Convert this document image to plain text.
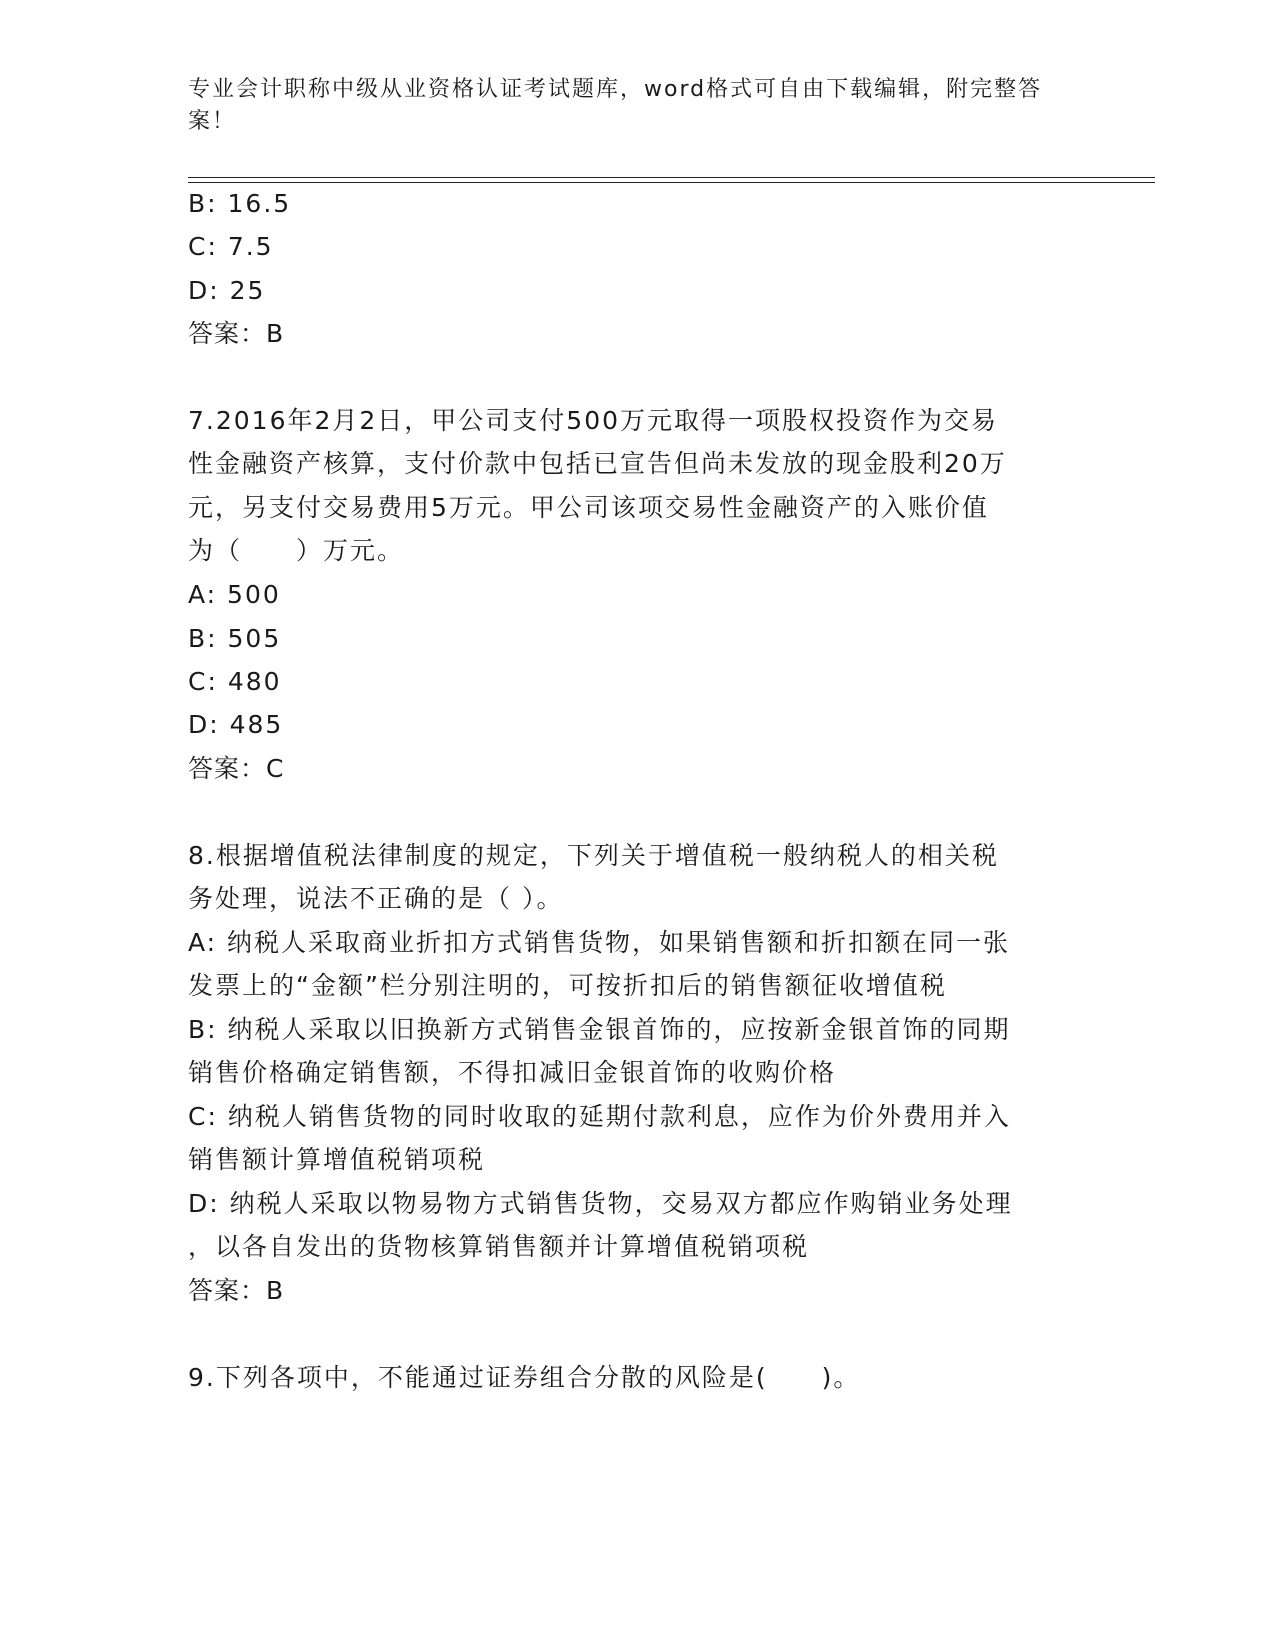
专业会计职称中级从业资格认证考试题库，word格式可自由下载编辑，附完整答案！
B: 16.5
C: 7.5
D: 25
答案：B
7.2016年2月2日，甲公司支付500万元取得一项股权投资作为交易
性金融资产核算，支付价款中包括已宣告但尚未发放的现金股利20万
元，另支付交易费用5万元。甲公司该项交易性金融资产的入账价值
为（　　）万元。
A: 500
B: 505
C: 480
D: 485
答案：C
8.根据增值税法律制度的规定，下列关于增值税一般纳税人的相关税
务处理，说法不正确的是（ ）。
A: 纳税人采取商业折扣方式销售货物，如果销售额和折扣额在同一张
发票上的“金额”栏分别注明的，可按折扣后的销售额征收增值税
B: 纳税人采取以旧换新方式销售金银首饰的，应按新金银首饰的同期
销售价格确定销售额，不得扣减旧金银首饰的收购价格
C: 纳税人销售货物的同时收取的延期付款利息，应作为价外费用并入
销售额计算增值税销项税
D: 纳税人采取以物易物方式销售货物，交易双方都应作购销业务处理
，以各自发出的货物核算销售额并计算增值税销项税
答案：B
9.下列各项中，不能通过证券组合分散的风险是(　　)。
